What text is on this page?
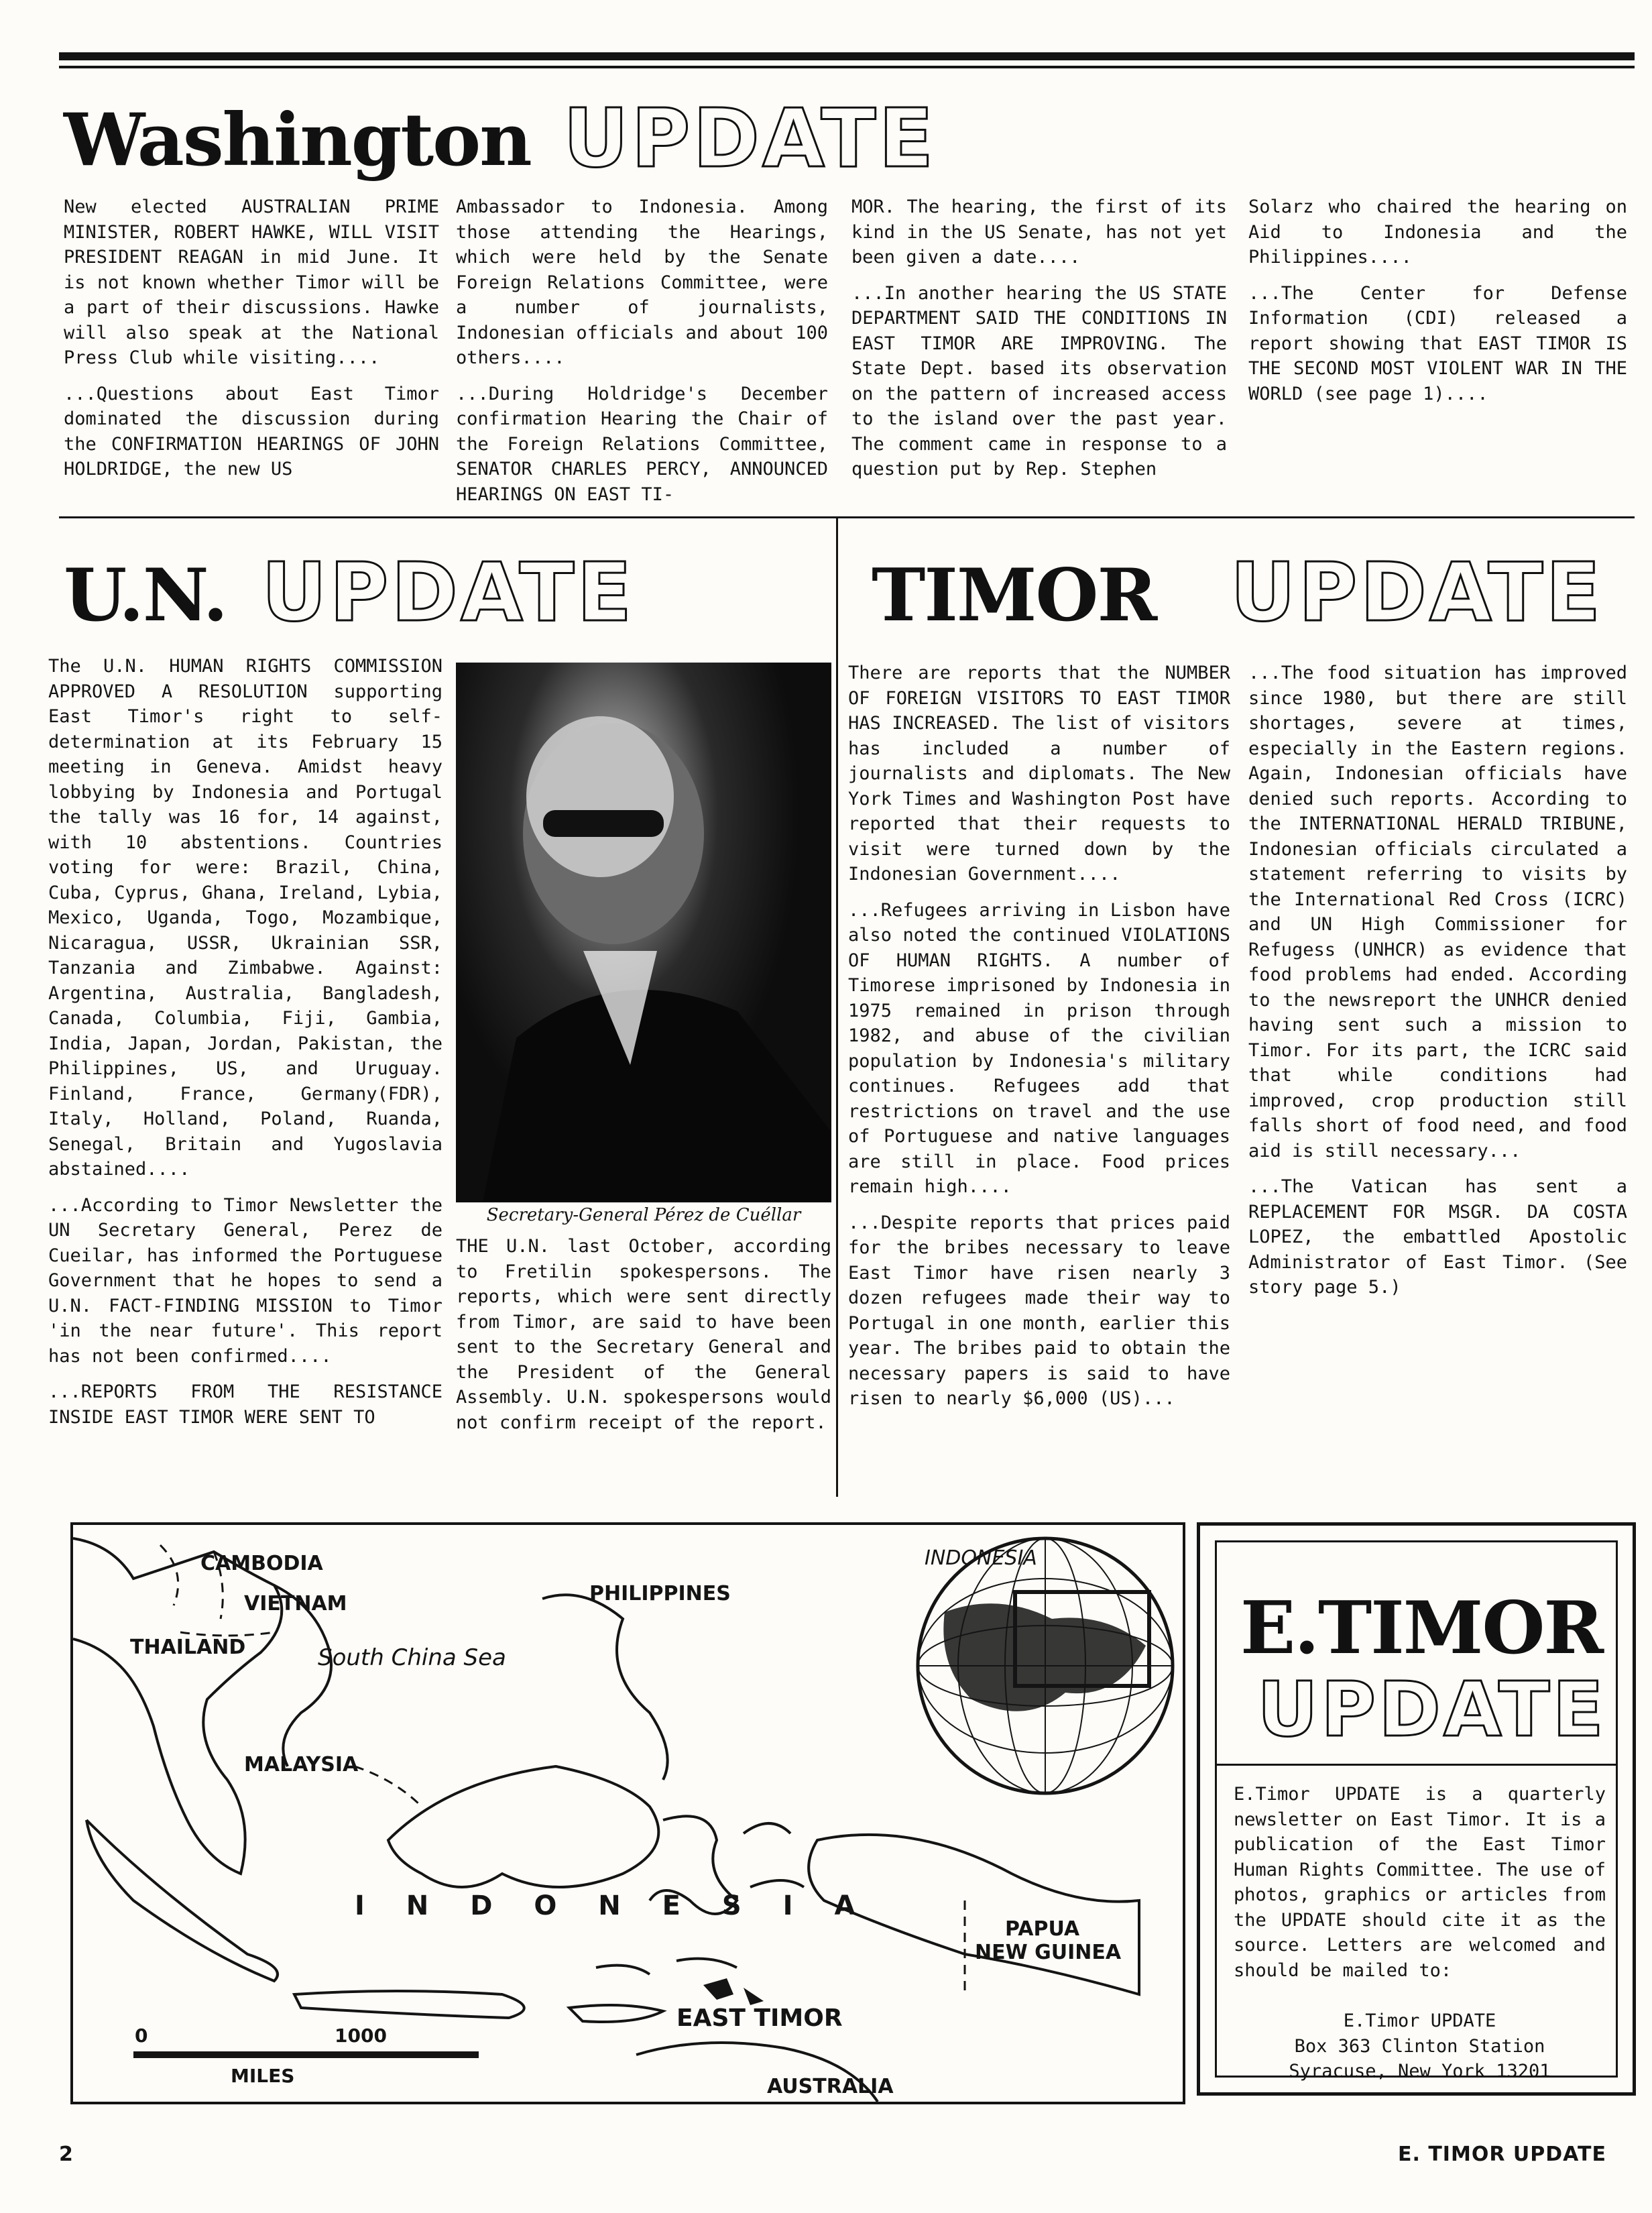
Washington UPDATE

New elected AUSTRALIAN PRIME MINISTER, ROBERT HAWKE, WILL VISIT PRESIDENT REAGAN in mid June. It is not known whether Timor will be a part of their discussions. Hawke will also speak at the National Press Club while visiting....

...Questions about East Timor dominated the discussion during the CONFIRMATION HEARINGS OF JOHN HOLDRIDGE, the new US

Ambassador to Indonesia. Among those attending the Hearings, which were held by the Senate Foreign Relations Committee, were a number of journalists, Indonesian officials and about 100 others....

...During Holdridge's December confirmation Hearing the Chair of the Foreign Relations Committee, SENATOR CHARLES PERCY, ANNOUNCED HEARINGS ON EAST TI-

MOR. The hearing, the first of its kind in the US Senate, has not yet been given a date....

...In another hearing the US STATE DEPARTMENT SAID THE CONDITIONS IN EAST TIMOR ARE IMPROVING. The State Dept. based its observation on the pattern of increased access to the island over the past year. The comment came in response to a question put by Rep. Stephen

Solarz who chaired the hearing on Aid to Indonesia and the Philippines....

...The Center for Defense Information (CDI) released a report showing that EAST TIMOR IS THE SECOND MOST VIOLENT WAR IN THE WORLD (see page 1)....

U.N. UPDATE

The U.N. HUMAN RIGHTS COMMISSION APPROVED A RESOLUTION supporting East Timor's right to self-determination at its February 15 meeting in Geneva. Amidst heavy lobbying by Indonesia and Portugal the tally was 16 for, 14 against, with 10 abstentions. Countries voting for were: Brazil, China, Cuba, Cyprus, Ghana, Ireland, Lybia, Mexico, Uganda, Togo, Mozambique, Nicaragua, USSR, Ukrainian SSR, Tanzania and Zimbabwe. Against: Argentina, Australia, Bangladesh, Canada, Columbia, Fiji, Gambia, India, Japan, Jordan, Pakistan, the Philippines, US, and Uruguay. Finland, France, Germany(FDR), Italy, Holland, Poland, Ruanda, Senegal, Britain and Yugoslavia abstained....

...According to Timor Newsletter the UN Secretary General, Perez de Cueilar, has informed the Portuguese Government that he hopes to send a U.N. FACT-FINDING MISSION to Timor 'in the near future'. This report has not been confirmed....

...REPORTS FROM THE RESISTANCE INSIDE EAST TIMOR WERE SENT TO

Secretary-General Pérez de Cuéllar

THE U.N. last October, according to Fretilin spokespersons. The reports, which were sent directly from Timor, are said to have been sent to the Secretary General and the President of the General Assembly. U.N. spokespersons would not confirm receipt of the report.

TIMOR UPDATE

There are reports that the NUMBER OF FOREIGN VISITORS TO EAST TIMOR HAS INCREASED. The list of visitors has included a number of journalists and diplomats. The New York Times and Washington Post have reported that their requests to visit were turned down by the Indonesian Government....

...Refugees arriving in Lisbon have also noted the continued VIOLATIONS OF HUMAN RIGHTS. A number of Timorese imprisoned by Indonesia in 1975 remained in prison through 1982, and abuse of the civilian population by Indonesia's military continues. Refugees add that restrictions on travel and the use of Portuguese and native languages are still in place. Food prices remain high....

...Despite reports that prices paid for the bribes necessary to leave East Timor have risen nearly 3 dozen refugees made their way to Portugal in one month, earlier this year. The bribes paid to obtain the necessary papers is said to have risen to nearly $6,000 (US)...

...The food situation has improved since 1980, but there are still shortages, severe at times, especially in the Eastern regions. Again, Indonesian officials have denied such reports. According to the INTERNATIONAL HERALD TRIBUNE, Indonesian officials circulated a statement referring to visits by the International Red Cross (ICRC) and UN High Commissioner for Refugess (UNHCR) as evidence that food problems had ended. According to the newsreport the UNHCR denied having sent such a mission to Timor. For its part, the ICRC said that while conditions had improved, crop production still falls short of food need, and food aid is still necessary...

...The Vatican has sent a REPLACEMENT FOR MSGR. DA COSTA LOPEZ, the embattled Apostolic Administrator of East Timor. (See story page 5.)

CAMBODIA
VIETNAM
THAILAND	South China Sea
PHILIPPINES
MALAYSIA
I N D O N E S I A
PAPUA
NEW GUINEA
EAST TIMOR
AUSTRALIA
INDONESIA
0	1000
MILES
E.TIMOR
UPDATE
E.Timor UPDATE is a quarterly newsletter on East Timor. It is a publication of the East Timor Human Rights Committee. The use of photos, graphics or articles from the UPDATE should cite it as the source. Letters are welcomed and should be mailed to:
E.Timor UPDATE
Box 363 Clinton Station
Syracuse, New York 13201
2	E. TIMOR UPDATE
